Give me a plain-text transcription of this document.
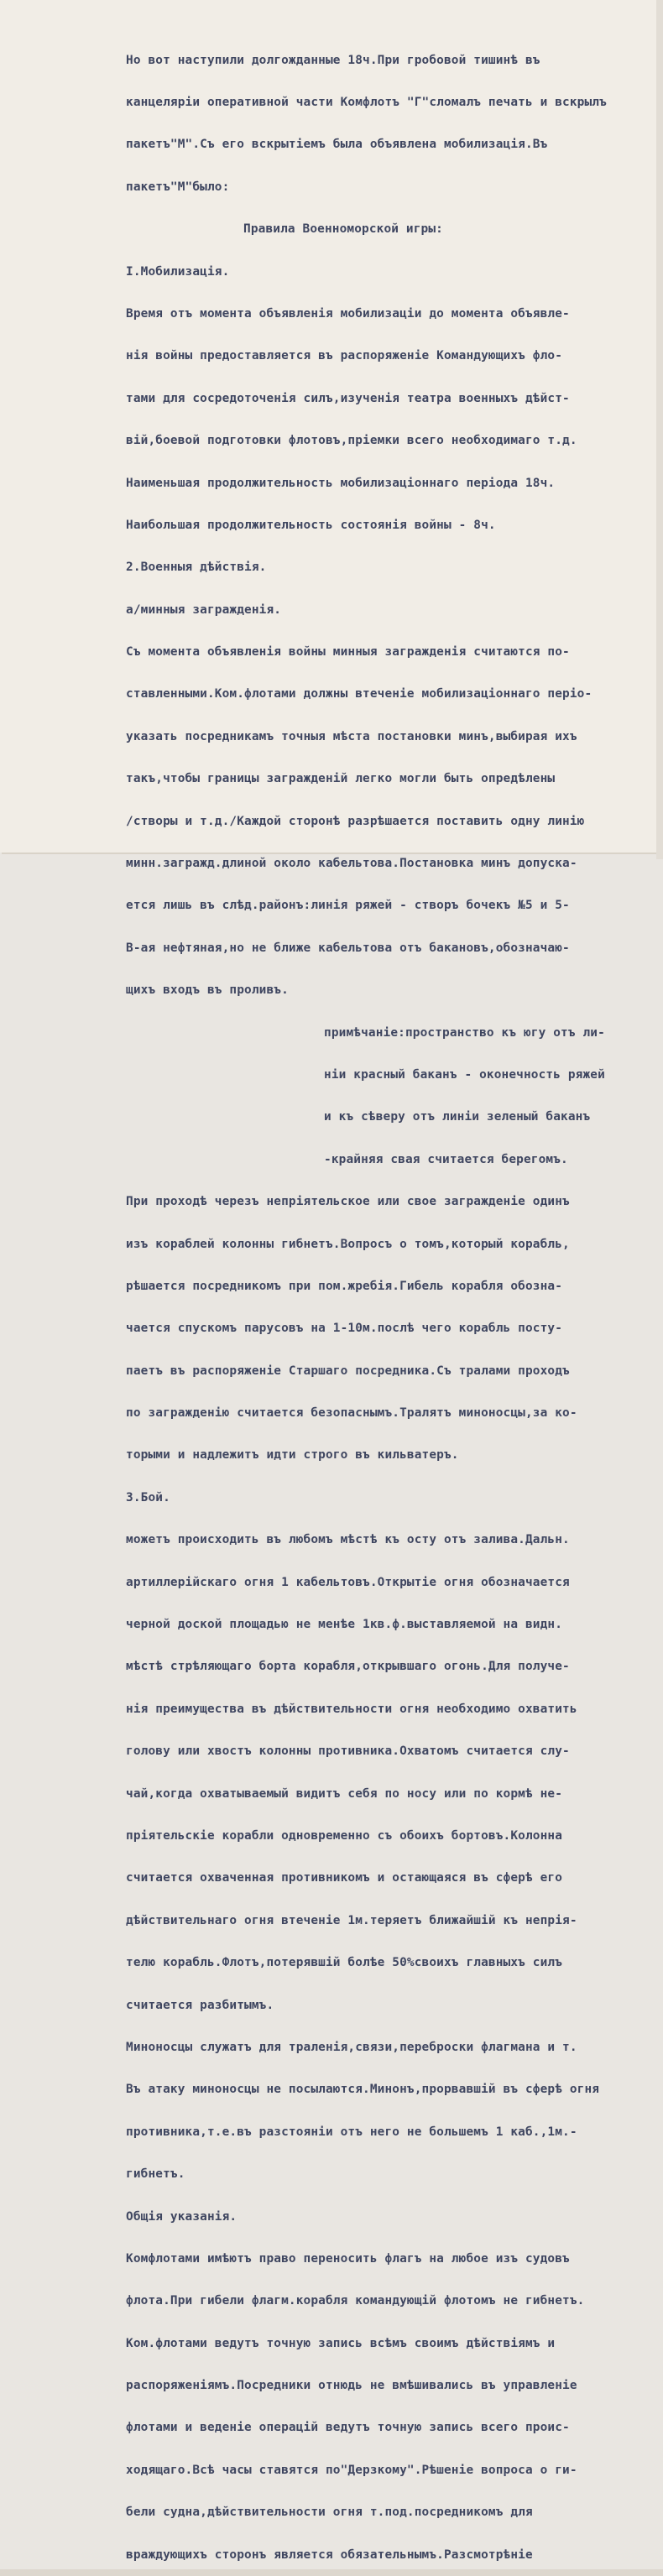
Но вот наступили долгожданные 18ч.При гробовой тишинѣ въ

канцелярiи оперативной части Комфлотъ "Г"сломалъ печать и вскрылъ

пакетъ"М".Съ его вскрытiемъ была объявлена мобилизацiя.Въ

пакетъ"М"было:

Правила Военноморской игры:

I.Мобилизацiя.

Время отъ момента объявленiя мобилизацiи до момента объявле-

нiя войны предоставляется въ распоряженiе Командующихъ фло-

тами для сосредоточенiя силъ,изученiя театра военныхъ дѣйст-

вiй,боевой подготовки флотовъ,прiемки всего необходимаго т.д.

Наименьшая продолжительность мобилизацiоннаго перiода 18ч.

Наибольшая продолжительность состоянiя войны - 8ч.

2.Военныя дѣйствiя.

а/минныя загражденiя.

Съ момента объявленiя войны минныя загражденiя считаются по-

ставленными.Ком.флотами должны втеченiе мобилизацiоннаго перiо-

указать посредникамъ точныя мѣста постановки минъ,выбирая ихъ

такъ,чтобы границы загражденiй легко могли быть опредѣлены

/створы и т.д./Каждой сторонѣ разрѣшается поставить одну линiю

минн.загражд.длиной около кабельтова.Постановка минъ допуска-

ется лишь въ слѣд.районъ:линiя ряжей - створъ бочекъ №5 и 5-

В-ая нефтяная,но не ближе кабельтова отъ бакановъ,обозначаю-

щихъ входъ въ проливъ.

примѣчанiе:пространство къ югу отъ ли-

нiи красный баканъ - оконечность ряжей

и къ сѣверу отъ линiи зеленый баканъ

-крайняя свая считается берегомъ.

При проходѣ черезъ непрiятельское или свое загражденiе одинъ

изъ кораблей колонны гибнетъ.Вопросъ о томъ,который корабль,

рѣшается посредникомъ при пом.жребiя.Гибель корабля обозна-

чается спускомъ парусовъ на 1-10м.послѣ чего корабль посту-

паетъ въ распоряженiе Старшаго посредника.Съ тралами проходъ

по загражденiю считается безопаснымъ.Тралятъ миноносцы,за ко-

торыми и надлежитъ идти строго въ кильватеръ.

3.Бой.

можетъ происходить въ любомъ мѣстѣ къ осту отъ залива.Дальн.

артиллерiйскаго огня 1 кабельтовъ.Открытiе огня обозначается

черной доской площадью не менѣе 1кв.ф.выставляемой на видн.

мѣстѣ стрѣляющаго борта корабля,открывшаго огонь.Для получе-

нiя преимущества въ дѣйствительности огня необходимо охватить

голову или хвостъ колонны противника.Охватомъ считается слу-

чай,когда охватываемый видитъ себя по носу или по кормѣ не-

прiятельскiе корабли одновременно съ обоихъ бортовъ.Колонна

считается охваченная противникомъ и остающаяся въ сферѣ его

дѣйствительнаго огня втеченiе 1м.теряетъ ближайшiй къ непрiя-

телю корабль.Флотъ,потерявшiй болѣе 50%своихъ главныхъ силъ

считается разбитымъ.

Миноносцы служатъ для траленiя,связи,переброски флагмана и т.

Въ атаку миноносцы не посылаются.Минонъ,прорвавшiй въ сферѣ огня

противника,т.е.въ разстоянiи отъ него не большемъ 1 каб.,1м.-

гибнетъ.

Общiя указанiя.

Комфлотами имѣютъ право переносить флагъ на любое изъ судовъ

флота.При гибели флагм.корабля командующiй флотомъ не гибнетъ.

Ком.флотами ведутъ точную запись всѣмъ своимъ дѣйствiямъ и

распоряженiямъ.Посредники отнюдь не вмѣшивались въ управленiе

флотами и веденiе операцiй ведутъ точную запись всего проис-

ходящаго.Всѣ часы ставятся по"Дерзкому".Рѣшенiе вопроса о ги-

бели судна,дѣйствительности огня т.под.посредникомъ для

враждующихъ сторонъ является обязательнымъ.Разсмотрѣнiе
